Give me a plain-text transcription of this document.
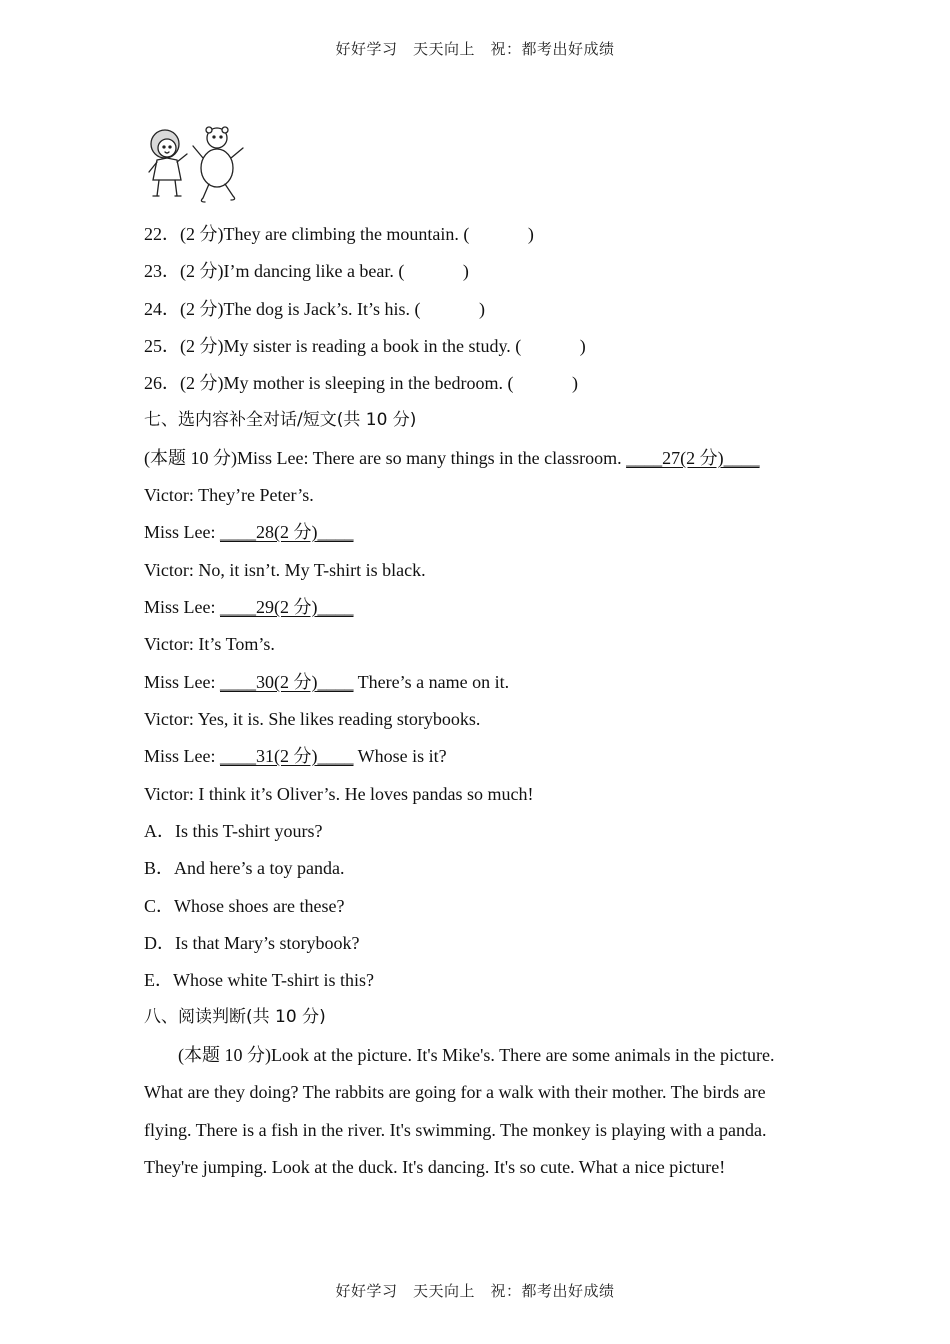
好好学习　天天向上　祝：都考出好成绩
22．(2 分)They are climbing the mountain. (　　　 )
23．(2 分)I’m dancing like a bear. (　　　 )
24．(2 分)The dog is Jack’s. It’s his. (　　　 )
25．(2 分)My sister is reading a book in the study. (　　　 )
26．(2 分)My mother is sleeping in the bedroom. (　　　 )
七、选内容补全对话/短文(共 10 分)
(本题 10 分)Miss Lee: There are so many things in the classroom. ____27(2 分)____
Victor: They’re Peter’s.
Miss Lee: ____28(2 分)____
Victor: No, it isn’t. My T-shirt is black.
Miss Lee: ____29(2 分)____
Victor: It’s Tom’s.
Miss Lee: ____30(2 分)____ There’s a name on it.
Victor: Yes, it is. She likes reading storybooks.
Miss Lee: ____31(2 分)____ Whose is it?
Victor: I think it’s Oliver’s. He loves pandas so much!
A．Is this T-shirt yours?
B．And here’s a toy panda.
C．Whose shoes are these?
D．Is that Mary’s storybook?
E．Whose white T-shirt is this?
八、阅读判断(共 10 分)
(本题 10 分)Look at the picture. It's Mike's. There are some animals in the picture. What are they doing? The rabbits are going for a walk with their mother. The birds are flying. There is a fish in the river. It's swimming. The monkey is playing with a panda. They're jumping. Look at the duck. It's dancing. It's so cute. What a nice picture!
好好学习　天天向上　祝：都考出好成绩
